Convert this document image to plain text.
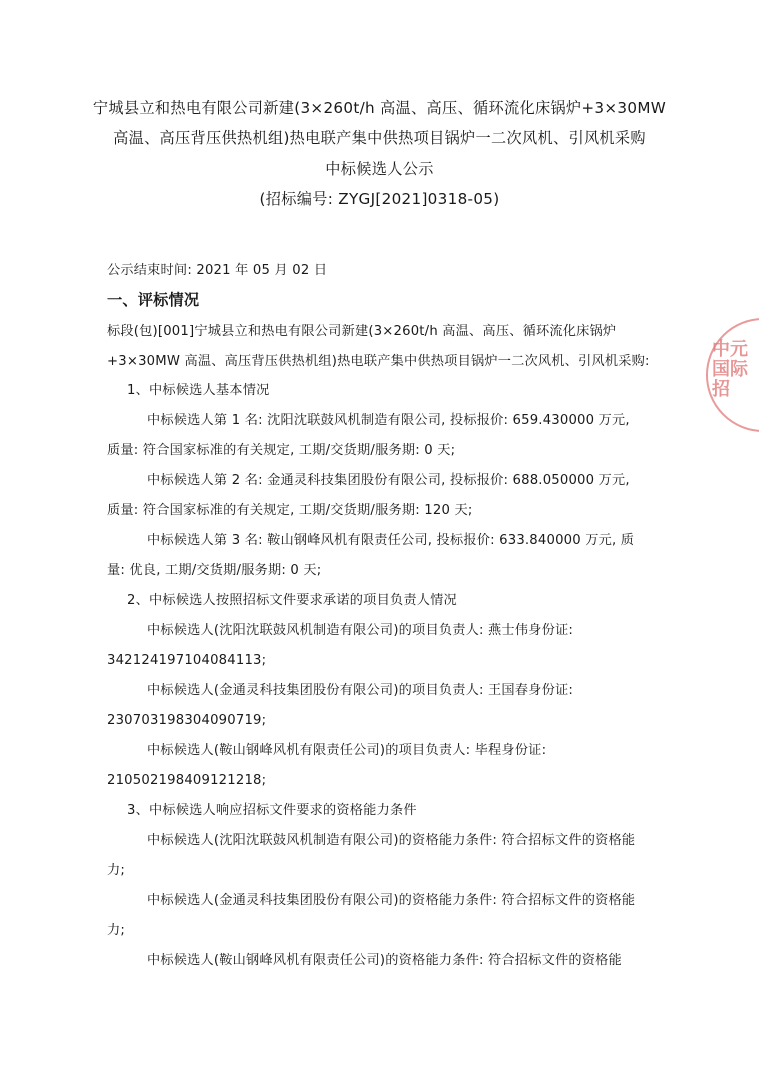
宁城县立和热电有限公司新建(3×260t/h 高温、高压、循环流化床锅炉+3×30MW
高温、高压背压供热机组)热电联产集中供热项目锅炉一二次风机、引风机采购
中标候选人公示
(招标编号: ZYGJ[2021]0318-05)
公示结束时间: 2021 年 05 月 02 日
一、评标情况
标段(包)[001]宁城县立和热电有限公司新建(3×260t/h 高温、高压、循环流化床锅炉
+3×30MW 高温、高压背压供热机组)热电联产集中供热项目锅炉一二次风机、引风机采购:
1、中标候选人基本情况
中标候选人第 1 名: 沈阳沈联鼓风机制造有限公司, 投标报价: 659.430000 万元,
质量: 符合国家标准的有关规定, 工期/交货期/服务期: 0 天;
中标候选人第 2 名: 金通灵科技集团股份有限公司, 投标报价: 688.050000 万元,
质量: 符合国家标准的有关规定, 工期/交货期/服务期: 120 天;
中标候选人第 3 名: 鞍山钢峰风机有限责任公司, 投标报价: 633.840000 万元, 质
量: 优良, 工期/交货期/服务期: 0 天;
2、中标候选人按照招标文件要求承诺的项目负责人情况
中标候选人(沈阳沈联鼓风机制造有限公司)的项目负责人: 燕士伟身份证:
342124197104084113;
中标候选人(金通灵科技集团股份有限公司)的项目负责人: 王国春身份证:
230703198304090719;
中标候选人(鞍山钢峰风机有限责任公司)的项目负责人: 毕程身份证:
210502198409121218;
3、中标候选人响应招标文件要求的资格能力条件
中标候选人(沈阳沈联鼓风机制造有限公司)的资格能力条件: 符合招标文件的资格能
力;
中标候选人(金通灵科技集团股份有限公司)的资格能力条件: 符合招标文件的资格能
力;
中标候选人(鞍山钢峰风机有限责任公司)的资格能力条件: 符合招标文件的资格能
中元国际招
